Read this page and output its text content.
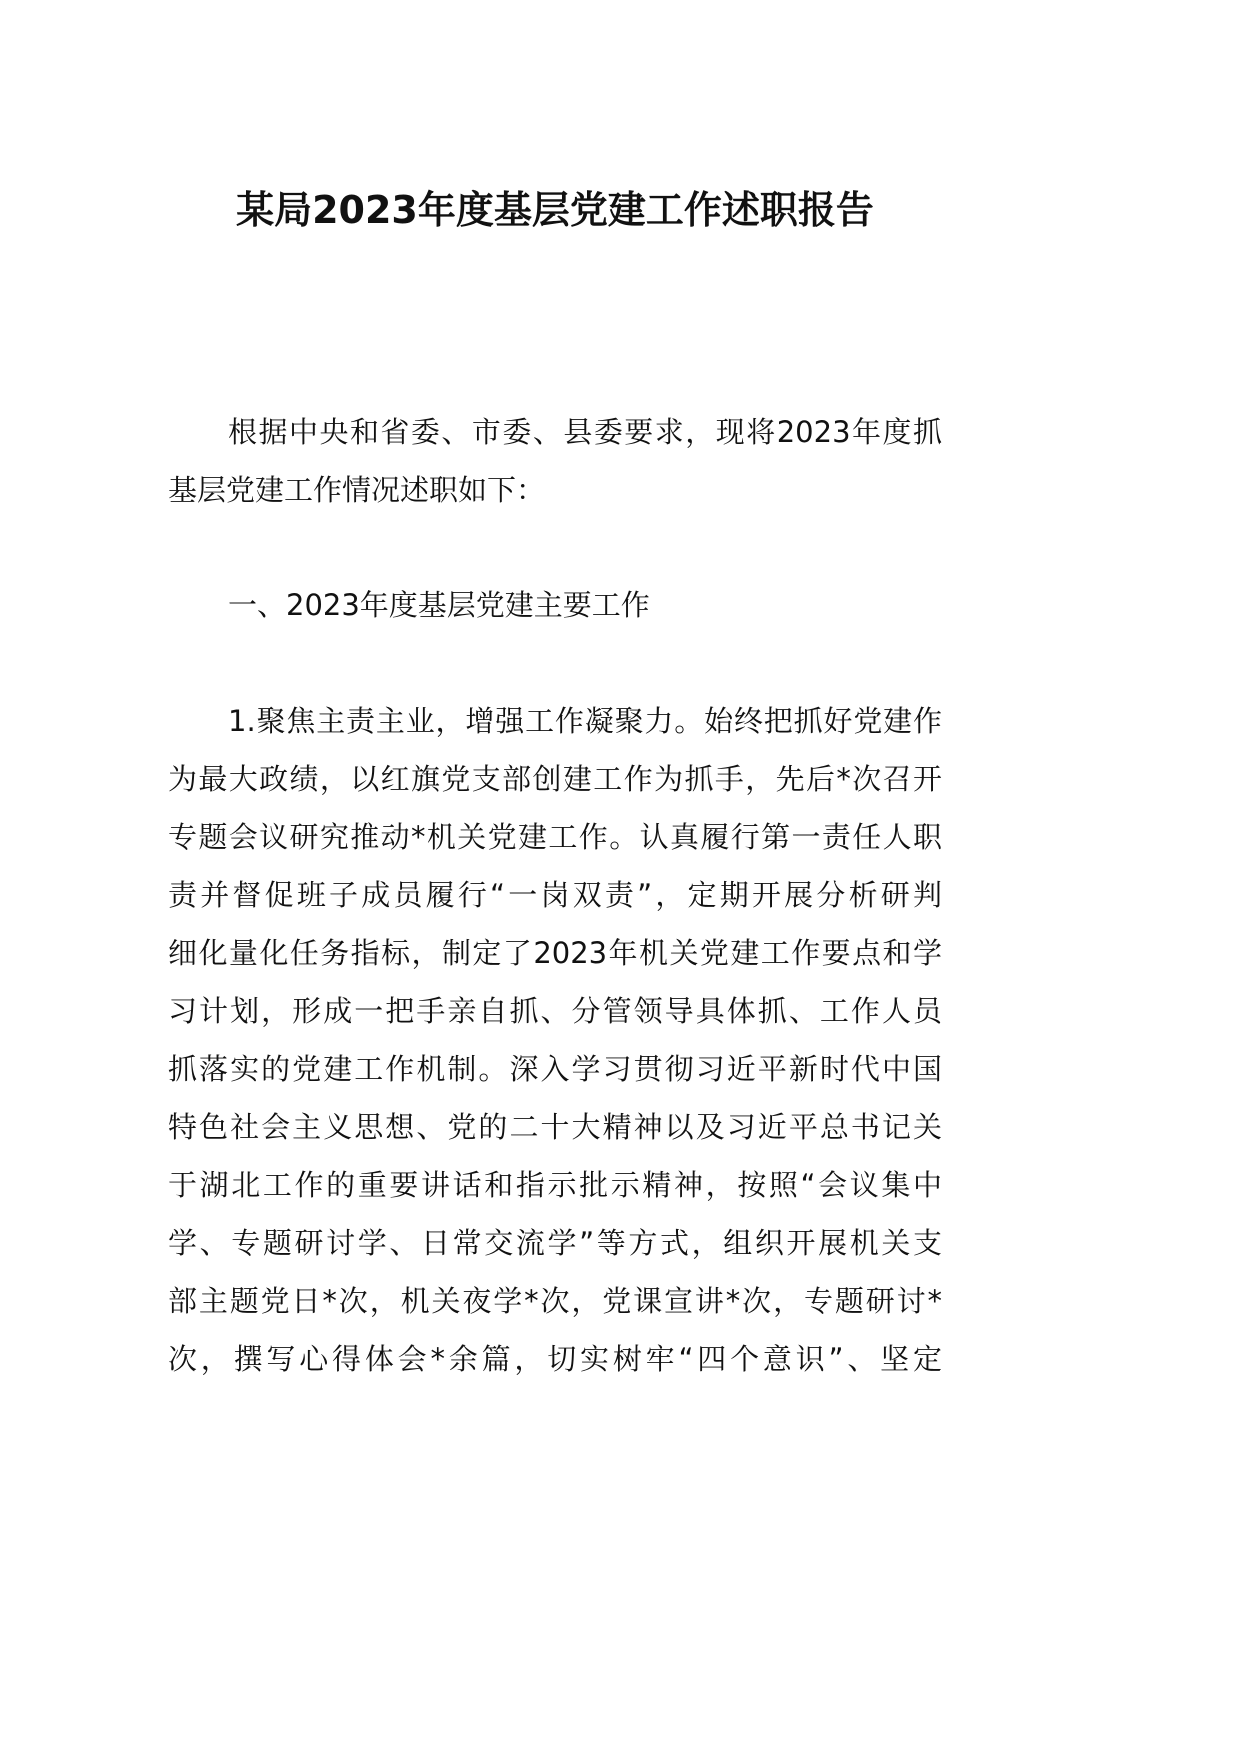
某局2023年度基层党建工作述职报告
根据中央和省委、市委、县委要求，现将2023年度抓
基层党建工作情况述职如下：
一、2023年度基层党建主要工作
1.聚焦主责主业，增强工作凝聚力。始终把抓好党建作
为最大政绩，以红旗党支部创建工作为抓手，先后*次召开
专题会议研究推动*机关党建工作。认真履行第一责任人职
责并督促班子成员履行“一岗双责”，定期开展分析研判
细化量化任务指标，制定了2023年机关党建工作要点和学
习计划，形成一把手亲自抓、分管领导具体抓、工作人员
抓落实的党建工作机制。深入学习贯彻习近平新时代中国
特色社会主义思想、党的二十大精神以及习近平总书记关
于湖北工作的重要讲话和指示批示精神，按照“会议集中
学、专题研讨学、日常交流学”等方式，组织开展机关支
部主题党日*次，机关夜学*次，党课宣讲*次，专题研讨*
次，撰写心得体会*余篇，切实树牢“四个意识”、坚定
